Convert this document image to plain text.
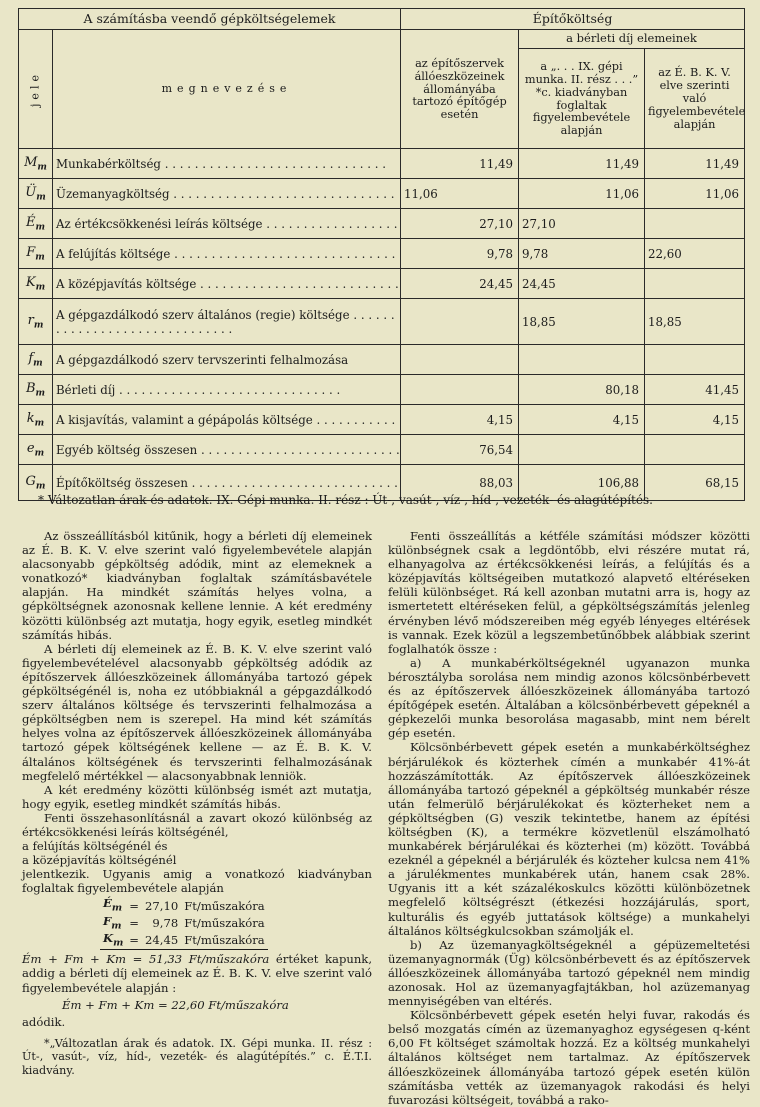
A számításba veendő gépköltségelemek		Építőköltség		

jele	megnevezése	az építőszervek állóeszközeinek állományába tartozó építőgép esetén	a bérleti díj elemeinek	
			a „. . . IX. gépi munka. II. rész . . .” *c. kiadványban foglaltak figyelembevétele alapján	az É. B. K. V. elve szerinti való figyelembevétele alapján
$M_m$	Munkabérköltség . . .	11,49	11,49	11,49
$Ü_m$	Üzemanyagköltség . . .	11,06	11,06	11,06
$É_m$	Az értékcsökkenési leírás költsége . . .	27,10	27,10	
$F_m$	A felújítás költsége . . .	9,78	9,78	22,60
$K_m$	A középjavítás költsége . . .	24,45	24,45	
$r_m$	A gépgazdálkodó szerv általános (regie) költsége . . .		18,85	18,85
$f_m$	A gépgazdálkodó szerv tervszerinti felhalmozása			
$B_m$	Bérleti díj . . .		80,18	41,45
$k_m$	A kisjavítás, valamint a gépápolás költsége . . .	4,15	4,15	4,15
$e_m$	Egyéb költség összesen . . .	76,54		
$G_m$	Építőköltség összesen . . .	88,03	106,88	68,15
* Változatlan árak és adatok. IX. Gépi munka. II. rész : Út-, vasút-, víz-, híd-, vezeték- és alagútépítés.

Az összeállításból kitűnik, hogy a bérleti díj elemeinek az É. B. K. V. elve szerint való figyelembevétele alapján alacsonyabb gépköltség adódik, mint az elemeknek a vonatkozó* kiadványban foglaltak számításbavétele alapján. Ha mindkét számítás helyes volna, a gépköltségnek azonosnak kellene lennie. A két eredmény közötti különbség azt mutatja, hogy egyik, esetleg mindkét számítás hibás.

A bérleti díj elemeinek az É. B. K. V. elve szerint való figyelembevételével alacsonyabb gépköltség adódik az építőszervek állóeszközeinek állományába tartozó gépek gépköltségénél is, noha ez utóbbiaknál a gépgazdálkodó szerv általános költsége és tervszerinti felhalmozása a gépköltségben nem is szerepel. Ha mind két számítás helyes volna az építőszervek állóeszközeinek állományába tartozó gépek költségének kellene — az É. B. K. V. általános költségének és tervszerinti felhalmozásának megfelelő mértékkel — alacsonyabbnak lenniök.

A két eredmény közötti különbség ismét azt mutatja, hogy egyik, esetleg mindkét számítás hibás.

Fenti összehasonlításnál a zavart okozó különbség az értékcsökkenési leírás költségénél,

a felújítás költségénél és

a középjavítás költségénél

jelentkezik. Ugyanis amig a vonatkozó kiadványban foglaltak figyelembevétele alapján

$É_m$	=	27,10	Ft/műszakóra
$F_m$	=	9,78	Ft/műszakóra
$K_m$	=	24,45	Ft/műszakóra

Ém + Fm + Km = 51,33 Ft/műszakóra értéket kapunk, addig a bérleti díj elemeinek az É. B. K. V. elve szerint való figyelembevétele alapján :

Ém + Fm + Km = 22,60 Ft/műszakóra

adódik.

*„Változatlan árak és adatok. IX. Gépi munka. II. rész : Út-, vasút-, víz, híd-, vezeték- és alagútépítés.” c. É.T.I. kiadvány.

Fenti összeállítás a kétféle számítási módszer közötti különbségnek csak a legdöntőbb, elvi részére mutat rá, elhanyagolva az értékcsökkenési leírás, a felújítás és a középjavítás költségeiben mutatkozó alapvető eltéréseken felüli különbséget. Rá kell azonban mutatni arra is, hogy az ismertetett eltéréseken felül, a gépköltségszámítás jelenleg érvényben lévő módszereiben még egyéb lényeges eltérések is vannak. Ezek közül a legszembetűnőbbek alábbiak szerint foglalhatók össze :

a) A munkabérköltségeknél ugyanazon munka bérosztályba sorolása nem mindig azonos kölcsönbérbevett és az építőszervek állóeszközeinek állományába tartozó építőgépek esetén. Általában a kölcsönbérbevett gépeknél a gépkezelői munka besorolása magasabb, mint nem bérelt gép esetén.

Kölcsönbérbevett gépek esetén a munkabérköltséghez bérjárulékok és közterhek címén a munkabér 41%-át hozzászámították. Az építőszervek állóeszközeinek állományába tartozó gépeknél a gépköltség munkabér része után felmerülő bérjárulékokat és közterheket nem a gépköltségben (G) veszik tekintetbe, hanem az építési költségben (K), a termékre közvetlenül elszámolható munkabérek bérjárulékai és közterhei (m) között. Továbbá ezeknél a gépeknél a bérjárulék és közteher kulcsa nem 41% a járulékmentes munkabérek után, hanem csak 28%. Ugyanis itt a két százalékoskulcs közötti különbözetnek megfelelő költségrészt (étkezési hozzájárulás, sport, kulturális és egyéb juttatások költsége) a munkahelyi általános költségkulcsokban számolják el.

b) Az üzemanyagköltségeknél a gépüzemeltetési üzemanyagnormák (Üg) kölcsönbérbevett és az építőszervek állóeszközeinek állományába tartozó gépeknél nem mindig azonosak. Hol az üzemanyagfajtákban, hol azüzemanyag mennyiségében van eltérés.

Kölcsönbérbevett gépek esetén helyi fuvar, rakodás és belső mozgatás címén az üzemanyaghoz egységesen q-ként 6,00 Ft költséget számoltak hozzá. Ez a költség munkahelyi általános költséget nem tartalmaz. Az építőszervek állóeszközeinek állományába tartozó gépek esetén külön számításba vették az üzemanyagok rakodási és helyi fuvarozási költségeit, továbbá a rako-
